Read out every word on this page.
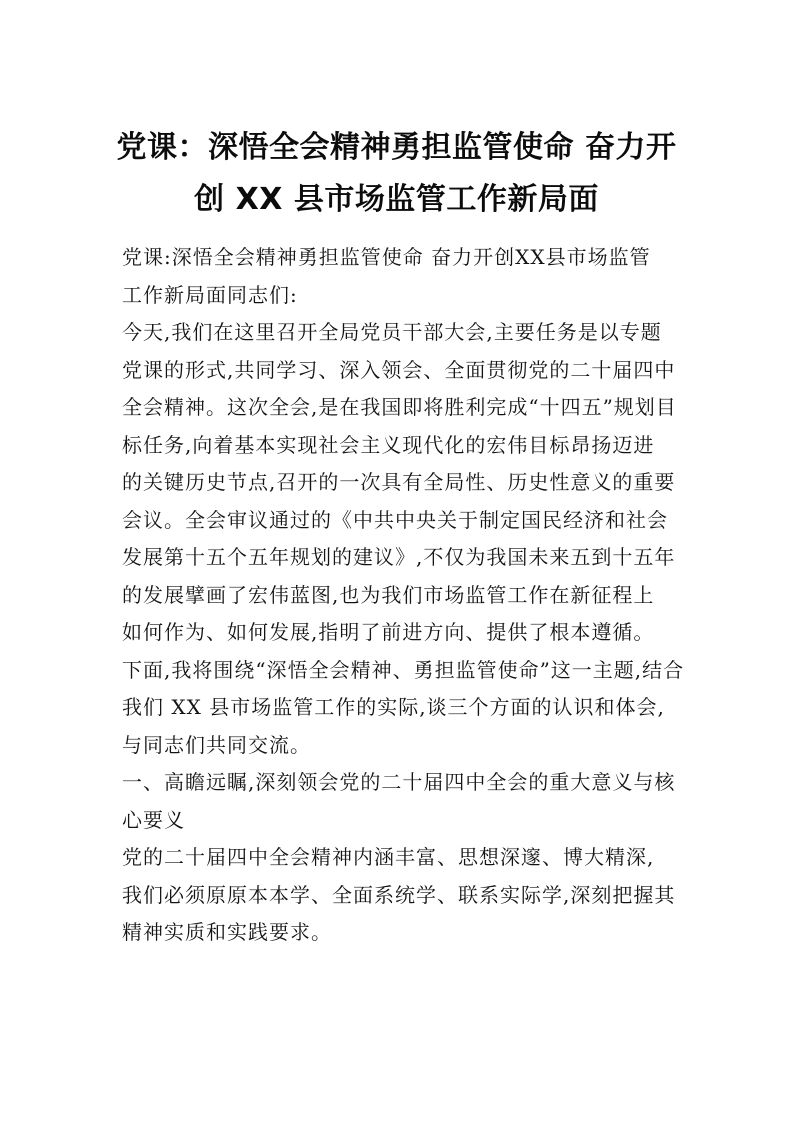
党课：深悟全会精神勇担监管使命 奋力开
创 XX 县市场监管工作新局面

党课:深悟全会精神勇担监管使命 奋力开创XX县市场监管
工作新局面同志们:

今天,我们在这里召开全局党员干部大会,主要任务是以专题
党课的形式,共同学习、深入领会、全面贯彻党的二十届四中
全会精神。这次全会,是在我国即将胜利完成“十四五”规划目
标任务,向着基本实现社会主义现代化的宏伟目标昂扬迈进
的关键历史节点,召开的一次具有全局性、历史性意义的重要
会议。全会审议通过的《中共中央关于制定国民经济和社会
发展第十五个五年规划的建议》,不仅为我国未来五到十五年
的发展擘画了宏伟蓝图,也为我们市场监管工作在新征程上
如何作为、如何发展,指明了前进方向、提供了根本遵循。

下面,我将围绕“深悟全会精神、勇担监管使命”这一主题,结合
我们 XX 县市场监管工作的实际,谈三个方面的认识和体会,
与同志们共同交流。

一、高瞻远瞩,深刻领会党的二十届四中全会的重大意义与核
心要义

党的二十届四中全会精神内涵丰富、思想深邃、博大精深,
我们必须原原本本学、全面系统学、联系实际学,深刻把握其
精神实质和实践要求。
